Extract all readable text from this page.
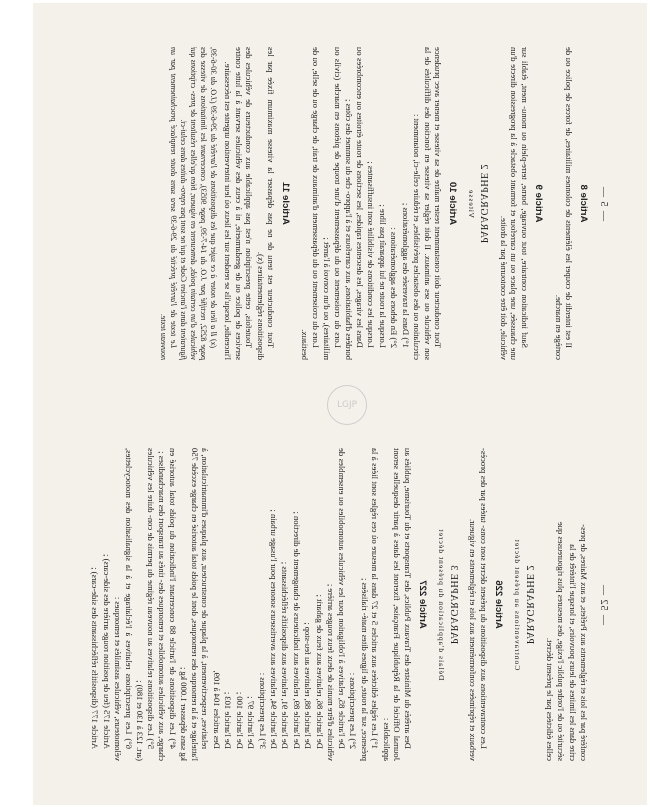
— 52 —

conféré par les lois et règlements aux Préfets, et aux Maires, de pres-

crire dans les limites de leurs pouvoirs, et lorsque l'intérêt de la

sécurité ou de l'ordre public l'exige, des mesures plus rigoureuses que

celles édictées par le présent décret.

PARAGRAPHE 2
Contraventions au présent décret
Article 226

Les contraventions aux dispositions du présent décret sont cons- tatées par des procès-verbaux et réprimées conformément aux lois et règlements en vigueur.

PARAGRAPHE 3
Délais d'application du présent décret
Article 227

Des arrêtés du Ministre des Travaux Publics, des Transports et du Tourisme, publiés au Journal Officiel de la République Française, fixeront les dates à partir desquelles seront applicables :

1°) Les règles édictées aux articles 5 et 27 dans la mesure où ces règles sont liées à la présence, sur la route, de lignes dites maté- rialisées ;

2°) Les prescriptions :

De l'article 85, relatives à l'obligation pour les véhicules automobiles ou ensembles de véhicules d'être munis de deux feux rouges arrière ;

De l'article 86, relatives aux feux de gabarit ;

De l'article 88, relatives au feu-stop ;

De l'article 89, relatives aux indicateurs de changement de direction ;

De l'article 91, relatives aux dispositifs réfléchissants ;

De l'article 94, relatives aux avertisseurs sonores pour l'usage urbain ;

3°) Les prescriptions :

De l'article 97 ;

De l'article 100 ;

De l'article 103 ;

Des articles 104 à 109,

relatives, respectivement, à la plaque de constructeur, aux plaques d'immatriculation, à l'attelage et à la remorque des remorques, dont le poids total autorisé en charge excède 750 kg sans dépasser 1.000 kg ;

4°) Les dispositions de l'article 88 concernant l'indication du poids total autorisé en charge, aux véhicules automobiles et remorques des- tinés au transport des marchandises ;

5°) Les dispositions relatives au nouveau régime du permis de con- duire les véhicules (art. 123 à 130 et 180) ;

6°) Les prescriptions relatives à l'éclairage et à la signalisation des motocyclettes, vélomoteurs, véhicules assimilés et remorques :

Article 175 (feu de position rouge arrière des side-cars) ;

Article 177 (dispositifs réfléchissants des side-cars) ;

— 5 —
Article 8

Il est interdit de couper les éléments de colonnes militaires, de forces de police ou de cortège en marche.

Article 9

Sauf indication contraire, tout ouvrage, borne, terre-plein ou monu- ment, établi sur une chaussée, une place ou un carrefour et formant obstacle à la progression directe d'un véhicule, doit être contourné par la droite.

PARAGRAPHE 2
Vitesse
Article 10

Tout conducteur doit constamment rester maître de sa vitesse et mener avec prudence son véhicule ou ses animaux. Il doit régler sa vitesse en fonction des difficultés de la circulation ou des obstacles prévisibles, et réduire celle-ci, notamment :

1°) Dans la traversée des agglomérations ;

2°) En dehors des agglomérations :

Lorsque la route ne lui apparaît pas libre ;

Lorsque les conditions de visibilité sont insuffisantes ;

Dans les virages, les descentes rapides, les sections de route étroites ou encombrées ou bordées d'habitations, aux carrefours et à l'appro- che du sommet des côtes ;

Lors du croisement ou du dépassement d'une troupe de piétons en marche (civils ou militaires), ou d'un convoi à l'arrêt ;

Lors du croisement ou du dépassement d'animaux de trait, de charge ou de selle, ou de bestiaux.

Article 11

Tout conducteur est tenu de ne pas dépasser la vitesse maximum fixée par les dispositions réglementaires (x).

Toutefois, cette prescription n'est pas applicable aux conducteurs de véhicules des services de police ou de gendarmerie, ni à ceux des véhicules servant à la lutte contre l'incendie, lorsqu'ils se rendent sur les lieux où leur intervention urgente est nécessaire.

(x) Il a lieu de noter à ce sujet que les dispositions de l'arrêté du 29-6-39 (J.O. du 30-6-39, page 8252, rectifié par J.O. du 14-7-39, page 9053), concernant les limitations de vitesse des véhicules d'un certain poids, demeurent en vigueur, bien qu'elles résultent de pres- criptions qui figuraient dans l'ancien Code et qui ne sont pas repro- duites dans celui-ci.

Le texte de l'arrêté précité du 29-6-39 sera sans doute remplacé prochainement par un nouveau texte.

LGJP
